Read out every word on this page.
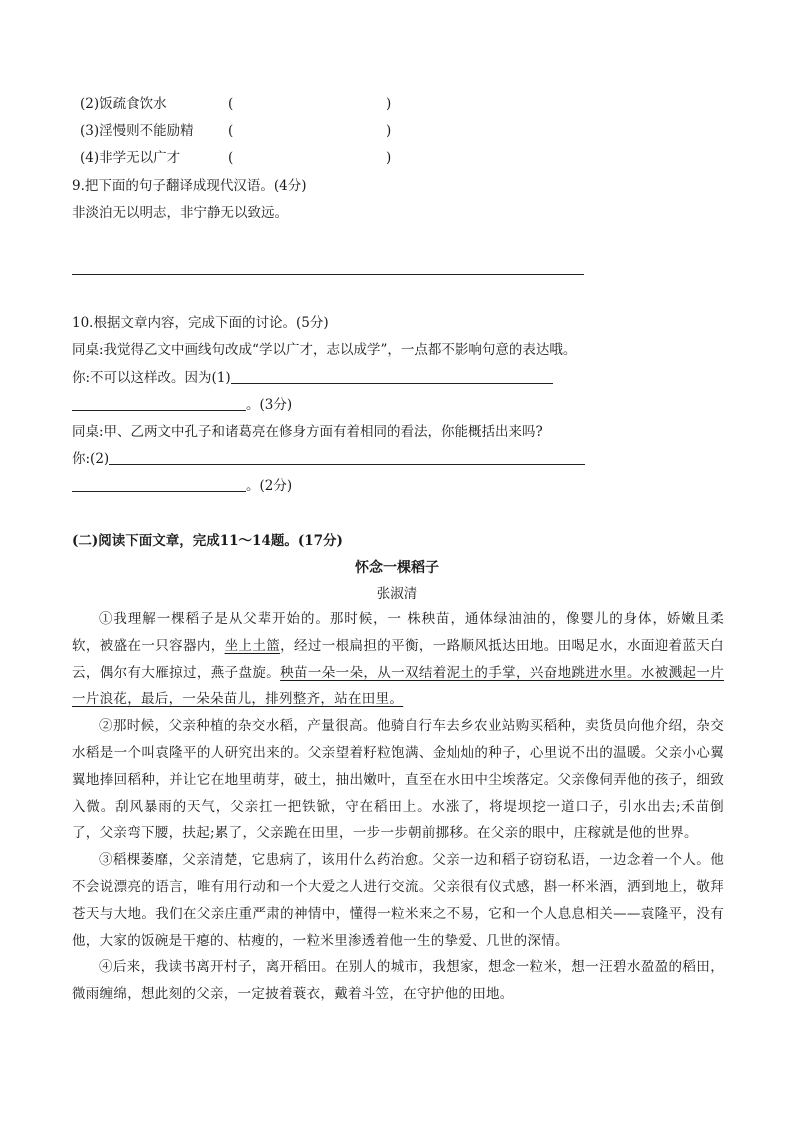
(2)饭疏食饮水	(	)
(3)淫慢则不能励精	(	)
(4)非学无以广才	(	)
9.把下面的句子翻译成现代汉语。(4分)
非淡泊无以明志，非宁静无以致远。
10.根据文章内容，完成下面的讨论。(5分)
同桌:我觉得乙文中画线句改成“学以广才，志以成学”，一点都不影响句意的表达哦。
你:不可以这样改。因为(1)
。(3分)
同桌:甲、乙两文中孔子和诸葛亮在修身方面有着相同的看法，你能概括出来吗?
你:(2)
。(2分)
(二)阅读下面文章，完成11～14题。(17分)
怀念一棵稻子
张淑清

①我理解一棵稻子是从父辈开始的。那时候，一 株秧苗，通体绿油油的，像婴儿的身体，娇嫩且柔软，被盛在一只容器内，坐上土篮，经过一根扁担的平衡，一路顺风抵达田地。田喝足水，水面迎着蓝天白云，偶尔有大雁掠过，燕子盘旋。秧苗一朵一朵，从一双结着泥土的手掌，兴奋地跳进水里。水被溅起一片一片浪花，最后，一朵朵苗儿，排列整齐，站在田里。

②那时候，父亲种植的杂交水稻，产量很高。他骑自行车去乡农业站购买稻种，卖货员向他介绍，杂交水稻是一个叫袁隆平的人研究出来的。父亲望着籽粒饱满、金灿灿的种子，心里说不出的温暖。父亲小心翼翼地捧回稻种，并让它在地里萌芽，破土，抽出嫩叶，直至在水田中尘埃落定。父亲像伺弄他的孩子，细致入微。刮风暴雨的天气，父亲扛一把铁锨，守在稻田上。水涨了，将堤坝挖一道口子，引水出去;禾苗倒了，父亲弯下腰，扶起;累了，父亲跪在田里，一步一步朝前挪移。在父亲的眼中，庄稼就是他的世界。

③稻棵萎靡，父亲清楚，它患病了，该用什么药治愈。父亲一边和稻子窃窃私语，一边念着一个人。他不会说漂亮的语言，唯有用行动和一个大爱之人进行交流。父亲很有仪式感，斟一杯米酒，洒到地上，敬拜苍天与大地。我们在父亲庄重严肃的神情中，懂得一粒米来之不易，它和一个人息息相关——袁隆平，没有他，大家的饭碗是干瘪的、枯瘦的，一粒米里渗透着他一生的挚爱、几世的深情。

④后来，我读书离开村子，离开稻田。在别人的城市，我想家，想念一粒米，想一汪碧水盈盈的稻田，微雨缠绵，想此刻的父亲，一定披着蓑衣，戴着斗笠，在守护他的田地。
